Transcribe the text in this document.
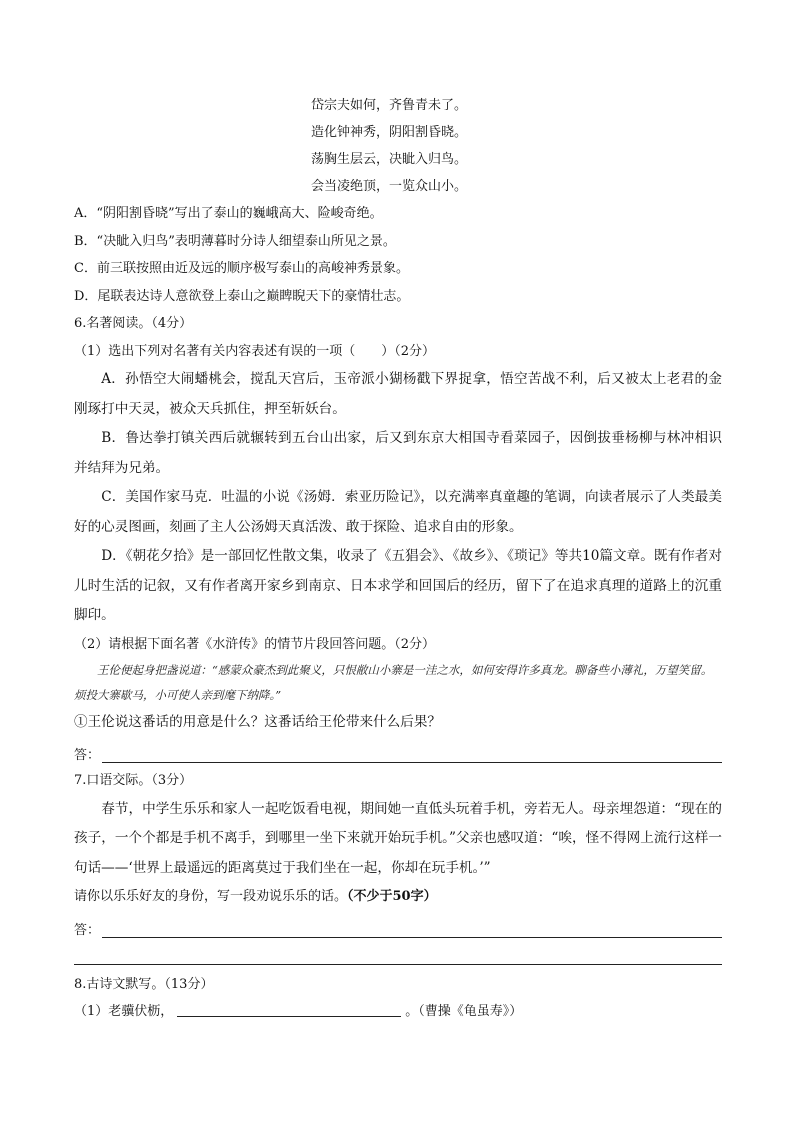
岱宗夫如何，齐鲁青未了。
造化钟神秀，阴阳割昏晓。
荡胸生层云，决眦入归鸟。
会当凌绝顶，一览众山小。
A．“阴阳割昏晓”写出了泰山的巍峨高大、险峻奇绝。
B．“决眦入归鸟”表明薄暮时分诗人细望泰山所见之景。
C．前三联按照由近及远的顺序极写泰山的高峻神秀景象。
D．尾联表达诗人意欲登上泰山之巅睥睨天下的豪情壮志。
6.名著阅读。（4分）
（1）选出下列对名著有关内容表述有误的一项（　　）（2分）
A．孙悟空大闹蟠桃会，搅乱天宫后，玉帝派小猢杨戳下界捉拿，悟空苦战不利，后又被太上老君的金刚琢打中天灵，被众天兵抓住，押至斩妖台。
B．鲁达拳打镇关西后就辗转到五台山出家，后又到东京大相国寺看菜园子，因倒拔垂杨柳与林冲相识并结拜为兄弟。
C．美国作家马克．吐温的小说《汤姆．索亚历险记》，以充满率真童趣的笔调，向读者展示了人类最美好的心灵图画，刻画了主人公汤姆天真活泼、敢于探险、追求自由的形象。
D．《朝花夕拾》是一部回忆性散文集，收录了《五猖会》、《故乡》、《琐记》等共10篇文章。既有作者对儿时生活的记叙，又有作者离开家乡到南京、日本求学和回国后的经历，留下了在追求真理的道路上的沉重脚印。
（2）请根据下面名著《水浒传》的情节片段回答问题。（2分）
王伦便起身把盏说道：“感蒙众豪杰到此聚义，只恨敝山小寨是一洼之水，如何安得许多真龙。聊备些小薄礼，万望笑留。烦投大寨歇马，小可使人亲到麾下纳降。”
①王伦说这番话的用意是什么？这番话给王伦带来什么后果？
答：
7.口语交际。（3分）
春节，中学生乐乐和家人一起吃饭看电视，期间她一直低头玩着手机，旁若无人。母亲埋怨道：“现在的孩子，一个个都是手机不离手，到哪里一坐下来就开始玩手机。”父亲也感叹道：“唉，怪不得网上流行这样一句话——‘世界上最遥远的距离莫过于我们坐在一起，你却在玩手机。’”
请你以乐乐好友的身份，写一段劝说乐乐的话。（不少于50字）
答：
8.古诗文默写。（13分）
（1）老骥伏枥，	。（曹操《龟虽寿》）
